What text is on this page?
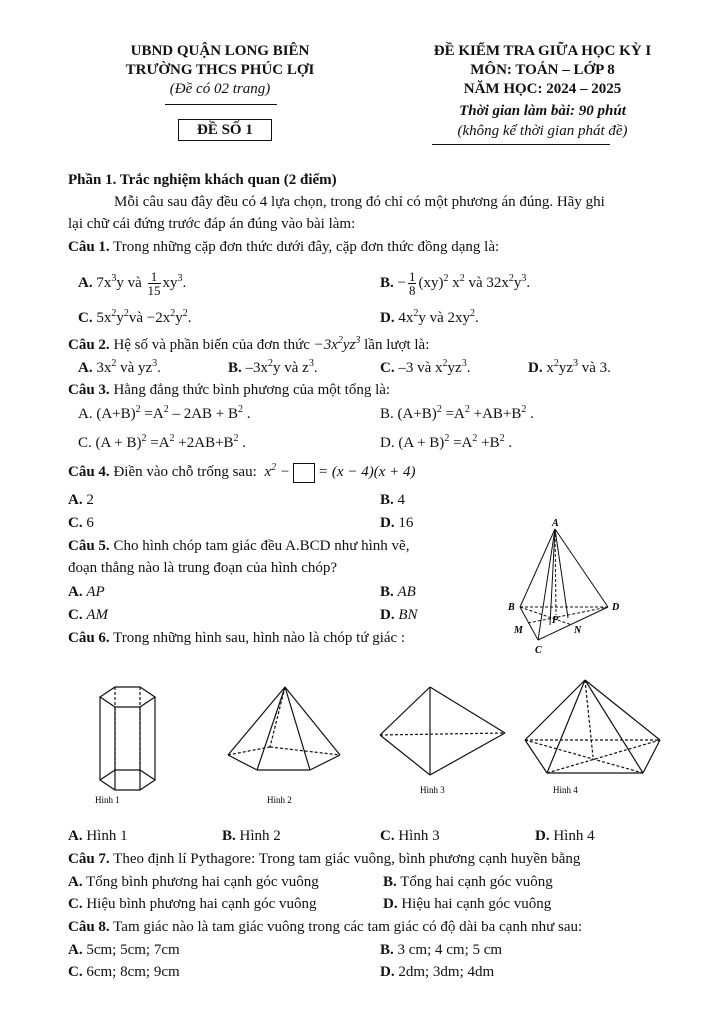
UBND QUẬN LONG BIÊN
TRƯỜNG THCS PHÚC LỢI
(Đề có 02 trang)
ĐỀ SỐ 1
ĐỀ KIỂM TRA GIỮA HỌC KỲ I
MÔN: TOÁN – LỚP 8
NĂM HỌC: 2024 – 2025
Thời gian làm bài: 90 phút
(không kể thời gian phát đề)
Phần 1. Trắc nghiệm khách quan (2 điểm)
Mỗi câu sau đây đều có 4 lựa chọn, trong đó chỉ có một phương án đúng. Hãy ghi
lại chữ cái đứng trước đáp án đúng vào bài làm:
Câu 1. Trong những cặp đơn thức dưới đây, cặp đơn thức đồng dạng là:
A. $7x^3y$ và $\frac{1}{15} xy^3$.	B. − $\frac{1}{8} (xy)^2$ $x^2$ và $32x^2y^3$.
C. $5x^2y^2và -2x^2y^2$.	D. $4x^2y$ và $2xy^2$.
Câu 2. Hệ số và phần biến của đơn thức $-3x^2yz^3$ lần lượt là:
A. $3x^2$ và $yz^3$.	B. $-3x^2y$ và $z^3$.	C. –3 và $x^2yz^3$.	D. $x^2yz^3$ và 3.
Câu 3. Hằng đẳng thức bình phương của một tổng là:
A. $(A+B)^2 =A^2 - 2AB + B^2$ .	B. $(A+B)^2 =A^2 +AB+B^2$ .
C. $(A + B)^2 =A^2 +2AB+B^2$ .	D. $(A + B)^2 =A^2 +B^2$ .
Câu 4. Điền vào chỗ trống sau: $x^2$ − = (x − 4)(x + 4)
A. 2	B. 4
C. 6	D. 16
Câu 5. Cho hình chóp tam giác đều A.BCD như hình vẽ,
đoạn thẳng nào là trung đoạn của hình chóp?
A. AP	B. AB
C. AM	D. BN
A
B	D
C
M	N
P
Câu 6. Trong những hình sau, hình nào là chóp tứ giác :
Hình 1	Hình 2
Hình 3	Hình 4
A. Hình 1	B. Hình 2	C. Hình 3	D. Hình 4
Câu 7. Theo định lí Pythagore: Trong tam giác vuông, bình phương cạnh huyền bằng
A. Tổng bình phương hai cạnh góc vuông	B. Tổng hai cạnh góc vuông
C. Hiệu bình phương hai cạnh góc vuông	D. Hiệu hai cạnh góc vuông
Câu 8. Tam giác nào là tam giác vuông trong các tam giác có độ dài ba cạnh như sau:
A. 5cm; 5cm; 7cm	B. 3 cm; 4 cm; 5 cm
C. 6cm; 8cm; 9cm	D. 2dm; 3dm; 4dm
